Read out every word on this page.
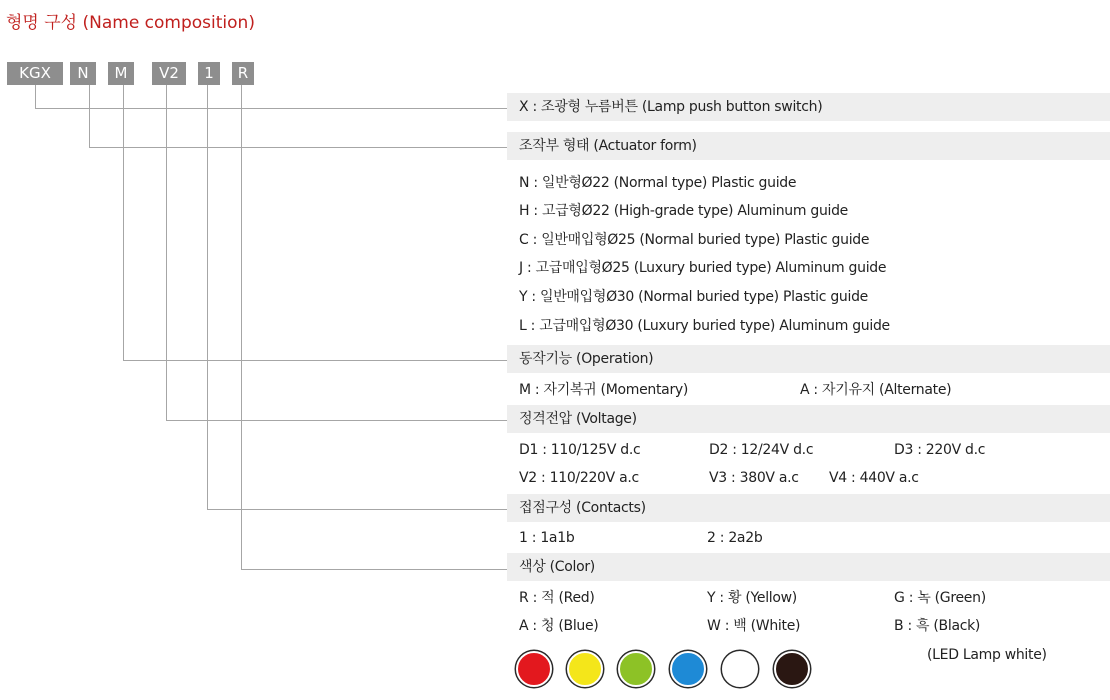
형명 구성 (Name composition)
KGX	N	M	V2	1	R
X : 조광형 누름버튼 (Lamp push button switch)
조작부 형태 (Actuator form)
동작기능 (Operation)
정격전압 (Voltage)
접점구성 (Contacts)
색상 (Color)
N : 일반형Ø22 (Normal type) Plastic guide
H : 고급형Ø22 (High-grade type) Aluminum guide
C : 일반매입형Ø25 (Normal buried type) Plastic guide
J : 고급매입형Ø25 (Luxury buried type) Aluminum guide
Y : 일반매입형Ø30 (Normal buried type) Plastic guide
L : 고급매입형Ø30 (Luxury buried type) Aluminum guide
M : 자기복귀 (Momentary)	A : 자기유지 (Alternate)
D1 : 110/125V d.c	D2 : 12/24V d.c	D3 : 220V d.c
V2 : 110/220V a.c	V3 : 380V a.c V4 : 440V a.c
1 : 1a1b	2 : 2a2b
R : 적 (Red)	Y : 황 (Yellow)	G : 녹 (Green)
A : 청 (Blue)	W : 백 (White)	B : 흑 (Black)
(LED Lamp white)
